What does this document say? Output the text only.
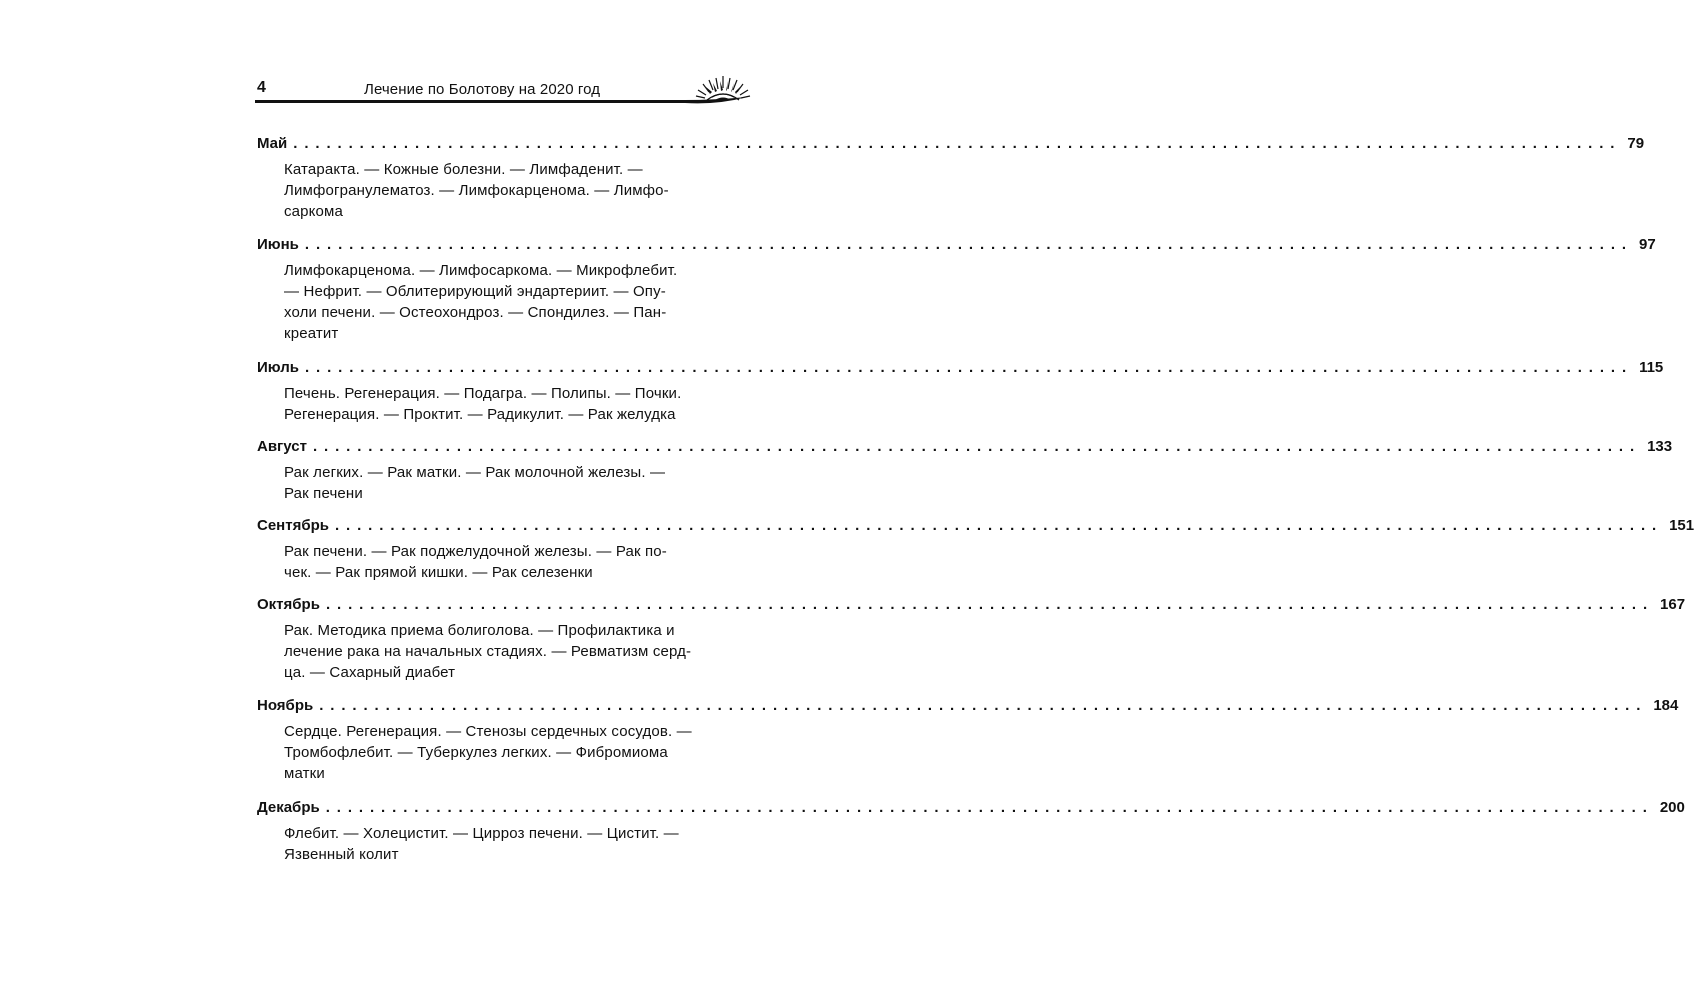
4	Лечение по Болотову на 2020 год
Май ........................................................................................................................ 79
Катаракта. — Кожные болезни. — Лимфаденит. —
Лимфогранулематоз. — Лимфокарценома. — Лимфо-
саркома
Июнь ........................................................................................................................ 97
Лимфокарценома. — Лимфосаркома. — Микрофлебит.
— Нефрит. — Облитерирующий эндартериит. — Опу-
холи печени. — Остеохондроз. — Спондилез. — Пан-
креатит
Июль ........................................................................................................................ 115
Печень. Регенерация. — Подагра. — Полипы. — Почки.
Регенерация. — Проктит. — Радикулит. — Рак желудка
Август ........................................................................................................................ 133
Рак легких. — Рак матки. — Рак молочной железы. —
Рак печени
Сентябрь ........................................................................................................................ 151
Рак печени. — Рак поджелудочной железы. — Рак по-
чек. — Рак прямой кишки. — Рак селезенки
Октябрь ........................................................................................................................ 167
Рак. Методика приема болиголова. — Профилактика и
лечение рака на начальных стадиях. — Ревматизм серд-
ца. — Сахарный диабет
Ноябрь ........................................................................................................................ 184
Сердце. Регенерация. — Стенозы сердечных сосудов. —
Тромбофлебит. — Туберкулез легких. — Фибромиома
матки
Декабрь ........................................................................................................................ 200
Флебит. — Холецистит. — Цирроз печени. — Цистит. —
Язвенный колит
